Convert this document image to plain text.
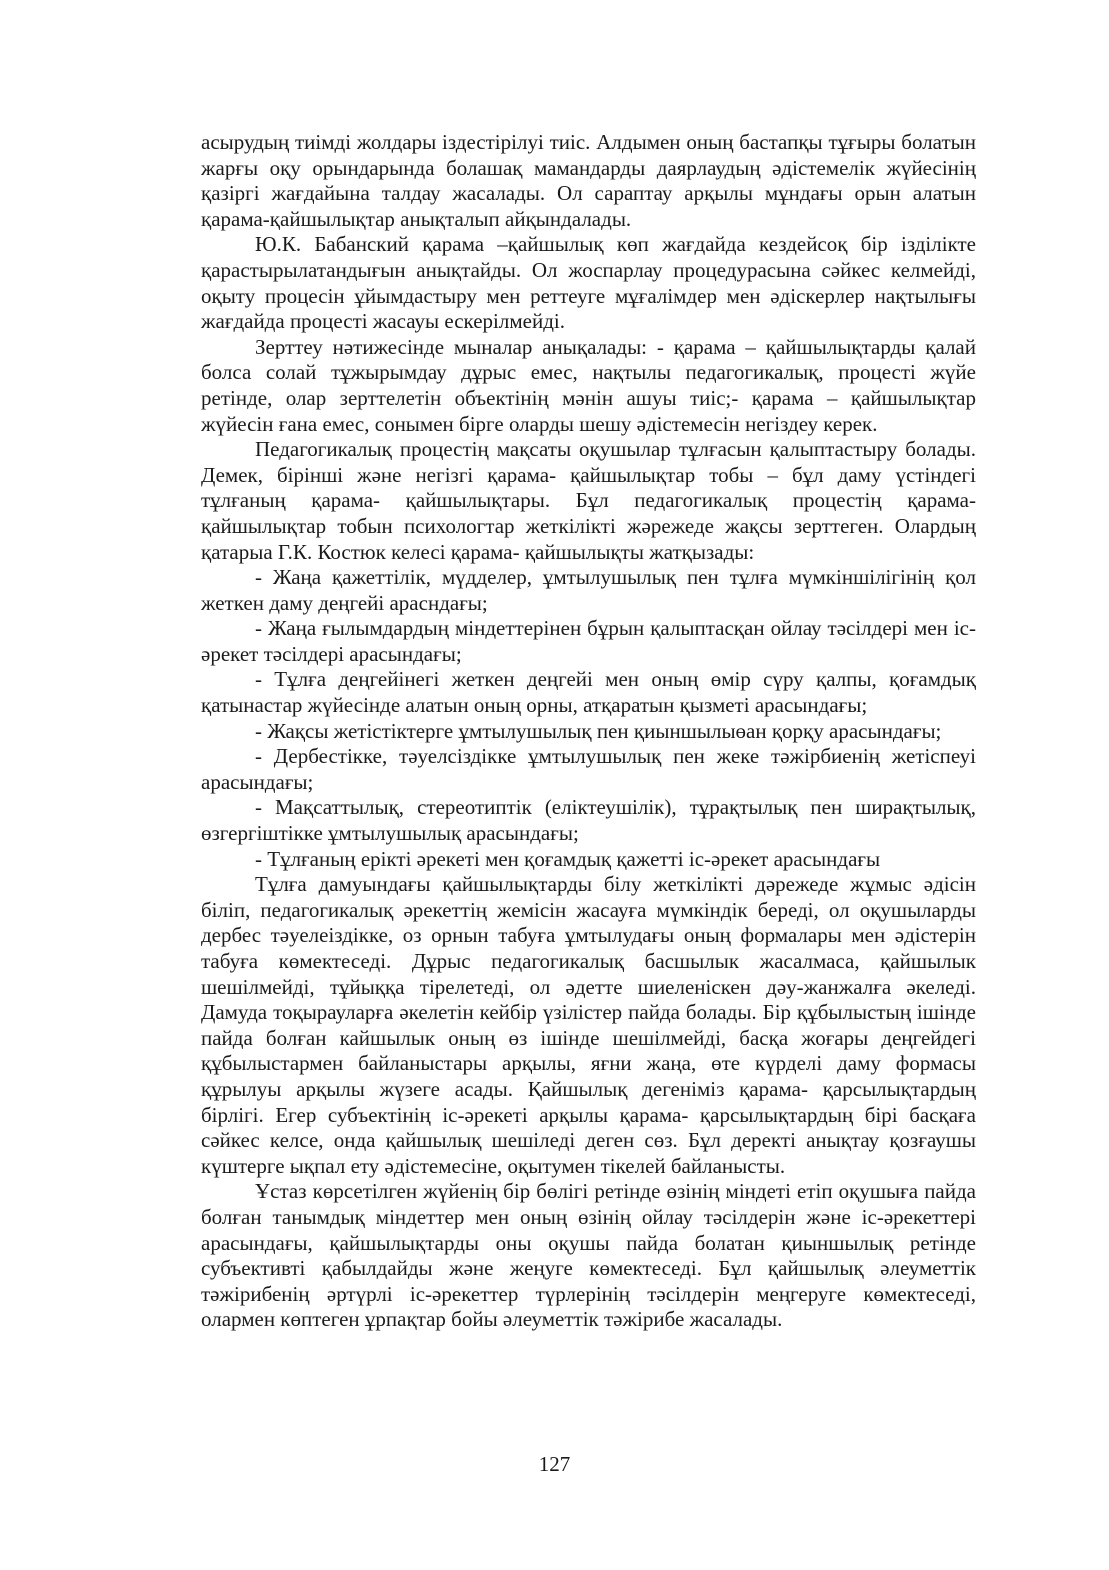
асырудың тиімді жолдары іздестірілуі тиіс. Алдымен оның бастапқы тұғыры болатын жарғы оқу орындарында болашақ мамандарды даярлаудың әдістемелік жүйесінің қазіргі жағдайына талдау жасалады. Ол сараптау арқылы мұндағы орын алатын қарама-қайшылықтар анықталып айқындалады.

Ю.К. Бабанский қарама –қайшылық көп жағдайда кездейсоқ бір ізділікте қарастырылатандығын анықтайды. Ол жоспарлау процедурасына сәйкес келмейді, оқыту процесін ұйымдастыру мен реттеуге мұғалімдер мен әдіскерлер нақтылығы жағдайда процесті жасауы ескерілмейді.

Зерттеу нәтижесінде мыналар анықалады: - қарама – қайшылықтарды қалай болса солай тұжырымдау дұрыс емес, нақтылы педагогикалық, процесті жүйе ретінде, олар зерттелетін объектінің мәнін ашуы тиіс;- қарама – қайшылықтар жүйесін ғана емес, сонымен бірге оларды шешу әдістемесін негіздеу керек.

Педагогикалық процестің мақсаты оқушылар тұлғасын қалыптастыру болады. Демек, бірінші және негізгі қарама- қайшылықтар тобы – бұл даму үстіндегі тұлғаның қарама- қайшылықтары. Бұл педагогикалық процестің қарама-қайшылықтар тобын психологтар жеткілікті жәрежеде жақсы зерттеген. Олардың қатарыа Г.К. Костюк келесі қарама- қайшылықты жатқызады:

- Жаңа қажеттілік, мүдделер, ұмтылушылық пен тұлға мүмкіншілігінің қол жеткен даму деңгейі арасндағы;

- Жаңа ғылымдардың міндеттерінен бұрын қалыптасқан ойлау тәсілдері мен іс-әрекет тәсілдері арасындағы;

- Тұлға деңгейінегі жеткен деңгейі мен оның өмір сүру қалпы, қоғамдық қатынастар жүйесінде алатын оның орны, атқаратын қызметі арасындағы;

- Жақсы жетістіктерге ұмтылушылық пен қиыншылыөан қорқу арасындағы;

- Дербестікке, тәуелсіздікке ұмтылушылық пен жеке тәжірбиенің жетіспеуі арасындағы;

- Мақсаттылық, стереотиптік (еліктеушілік), тұрақтылық пен ширақтылық, өзгергіштікке ұмтылушылық арасындағы;

- Тұлғаның ерікті әрекеті мен қоғамдық қажетті іс-әрекет арасындағы

Тұлға дамуындағы қайшылықтарды білу жеткілікті дәрежеде жұмыс әдісін біліп, педагогикалық әрекеттің жемісін жасауға мүмкіндік береді, ол оқушыларды дербес тәуелеіздікке, оз орнын табуға ұмтылудағы оның формалары мен әдістерін табуға көмектеседі. Дұрыс педагогикалық басшылык жасалмаса, қайшылык шешілмейді, тұйыққа тірелетеді, ол әдетте шиеленіскен дәу-жанжалға әкеледі. Дамуда тоқырауларға әкелетін кейбір үзілістер пайда болады. Бір құбылыстың ішінде пайда болған кайшылык оның өз ішінде шешілмейді, басқа жоғары деңгейдегі құбылыстармен байланыстары арқылы, яғни жаңа, өте күрделі даму формасы құрылуы арқылы жүзеге асады. Қайшылық дегеніміз қарама- қарсылықтардың бірлігі. Егер субъектінің іс-әрекеті арқылы қарама- қарсылықтардың бірі басқаға сәйкес келсе, онда қайшылық шешіледі деген сөз. Бұл деректі анықтау қозғаушы күштерге ықпал ету әдістемесіне, оқытумен тікелей байланысты.

Ұстаз көрсетілген жүйенің бір бөлігі ретінде өзінің міндеті етіп оқушыға пайда болған танымдық міндеттер мен оның өзінің ойлау тәсілдерін және іс-әрекеттері арасындағы, қайшылықтарды оны оқушы пайда болатан қиыншылық ретінде субъективті қабылдайды және жеңуге көмектеседі. Бұл қайшылық әлеуметтік тәжірибенің әртүрлі іс-әрекеттер түрлерінің тәсілдерін меңгеруге көмектеседі, олармен көптеген ұрпақтар бойы әлеуметтік тәжірибе жасалады.

127
